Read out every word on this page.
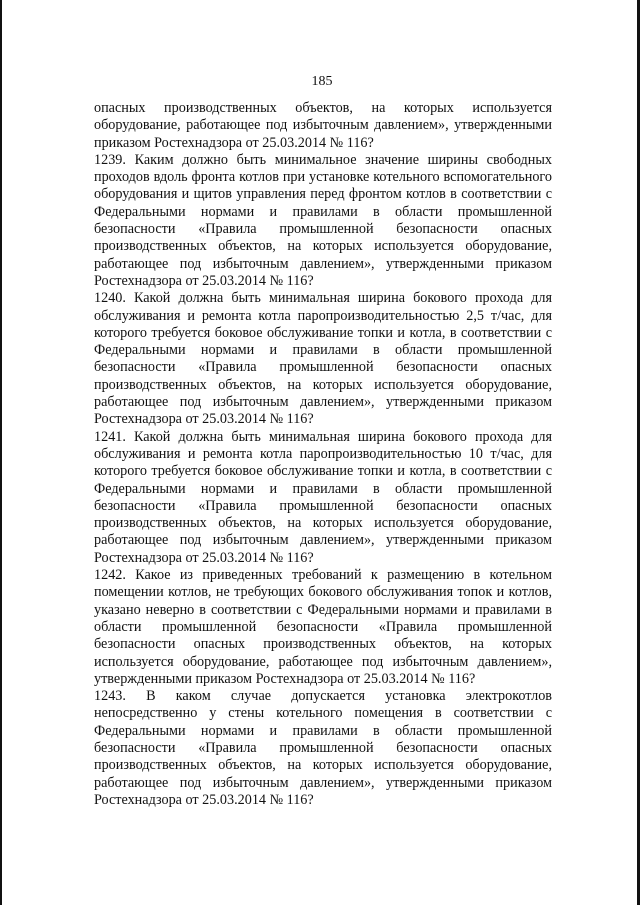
185

опасных производственных объектов, на которых используется оборудование, работающее под избыточным давлением», утвержденными приказом Ростехнадзора от 25.03.2014 № 116?

1239. Каким должно быть минимальное значение ширины свободных проходов вдоль фронта котлов при установке котельного вспомогательного оборудования и щитов управления перед фронтом котлов в соответствии с Федеральными нормами и правилами в области промышленной безопасности «Правила промышленной безопасности опасных производственных объектов, на которых используется оборудование, работающее под избыточным давлением», утвержденными приказом Ростехнадзора от 25.03.2014 № 116?

1240. Какой должна быть минимальная ширина бокового прохода для обслуживания и ремонта котла паропроизводительностью 2,5 т/час, для которого требуется боковое обслуживание топки и котла, в соответствии с Федеральными нормами и правилами в области промышленной безопасности «Правила промышленной безопасности опасных производственных объектов, на которых используется оборудование, работающее под избыточным давлением», утвержденными приказом Ростехнадзора от 25.03.2014 № 116?

1241. Какой должна быть минимальная ширина бокового прохода для обслуживания и ремонта котла паропроизводительностью 10 т/час, для которого требуется боковое обслуживание топки и котла, в соответствии с Федеральными нормами и правилами в области промышленной безопасности «Правила промышленной безопасности опасных производственных объектов, на которых используется оборудование, работающее под избыточным давлением», утвержденными приказом Ростехнадзора от 25.03.2014 № 116?

1242. Какое из приведенных требований к размещению в котельном помещении котлов, не требующих бокового обслуживания топок и котлов, указано неверно в соответствии с Федеральными нормами и правилами в области промышленной безопасности «Правила промышленной безопасности опасных производственных объектов, на которых используется оборудование, работающее под избыточным давлением», утвержденными приказом Ростехнадзора от 25.03.2014 № 116?

1243. В каком случае допускается установка электрокотлов непосредственно у стены котельного помещения в соответствии с Федеральными нормами и правилами в области промышленной безопасности «Правила промышленной безопасности опасных производственных объектов, на которых используется оборудование, работающее под избыточным давлением», утвержденными приказом Ростехнадзора от 25.03.2014 № 116?
